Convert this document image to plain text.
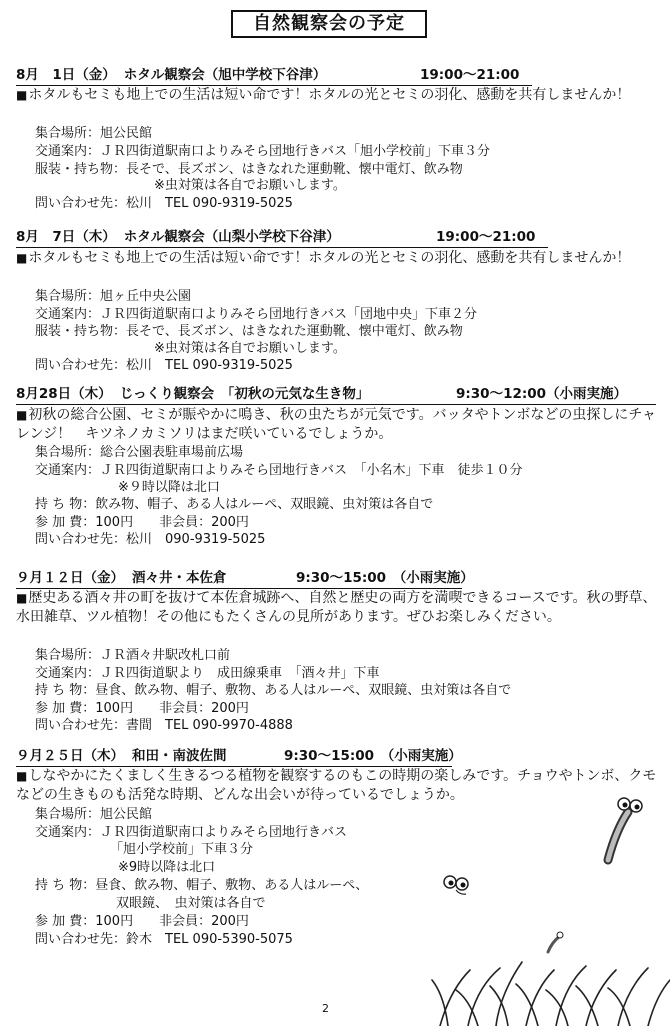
自然観察会の予定
8月　1日（金） ホタル観察会（旭中学校下谷津）	19:00～21:00

■ホタルもセミも地上での生活は短い命です！ホタルの光とセミの羽化、感動を共有しませんか！

集合場所：旭公民館
交通案内：ＪＲ四街道駅南口よりみそら団地行きバス「旭小学校前」下車３分
服装・持ち物：長そで、長ズボン、はきなれた運動靴、懐中電灯、飲み物
※虫対策は各自でお願いします。
問い合わせ先：松川　TEL 090-9319-5025
8月　7日（木） ホタル観察会（山梨小学校下谷津）	19:00～21:00

■ホタルもセミも地上での生活は短い命です！ホタルの光とセミの羽化、感動を共有しませんか！

集合場所：旭ヶ丘中央公園
交通案内：ＪＲ四街道駅南口よりみそら団地行きバス「団地中央」下車２分
服装・持ち物：長そで、長ズボン、はきなれた運動靴、懐中電灯、飲み物
※虫対策は各自でお願いします。
問い合わせ先：松川　TEL 090-9319-5025
8月28日（木） じっくり観察会　「初秋の元気な生き物」	9:30～12:00（小雨実施）

■初秋の総合公園、セミが賑やかに鳴き、秋の虫たちが元気です。バッタやトンボなどの虫探しにチャレンジ！　キツネノカミソリはまだ咲いているでしょうか。

集合場所：総合公園表駐車場前広場
交通案内：ＪＲ四街道駅南口よりみそら団地行きバス　「小名木」下車　徒歩１０分
※９時以降は北口
持 ち 物：飲み物、帽子、ある人はルーペ、双眼鏡、虫対策は各自で
参 加 費：100円　　非会員：200円
問い合わせ先：松川　090-9319-5025
９月１２日（金） 酒々井・本佐倉	9:30～15:00　（小雨実施）

■歴史ある酒々井の町を抜けて本佐倉城跡へ、自然と歴史の両方を満喫できるコースです。秋の野草、水田雑草、ツル植物！その他にもたくさんの見所があります。ぜひお楽しみください。

集合場所：ＪＲ酒々井駅改札口前
交通案内：ＪＲ四街道駅より　成田線乗車　「酒々井」下車
持 ち 物：昼食、飲み物、帽子、敷物、ある人はルーペ、双眼鏡、虫対策は各自で
参 加 費：100円　　非会員：200円
問い合わせ先：書間　TEL 090-9970-4888
９月２５日（木） 和田・南波佐間	9:30～15:00　（小雨実施）

■しなやかにたくましく生きるつる植物を観察するのもこの時期の楽しみです。チョウやトンボ、クモなどの生きものも活発な時期、どんな出会いが待っているでしょうか。

集合場所：旭公民館
交通案内：ＪＲ四街道駅南口よりみそら団地行きバス
「旭小学校前」下車３分
※9時以降は北口
持 ち 物：昼食、飲み物、帽子、敷物、ある人はルーペ、
双眼鏡、　虫対策は各自で
参 加 費：100円　　非会員：200円
問い合わせ先：鈴木　TEL 090-5390-5075
2
